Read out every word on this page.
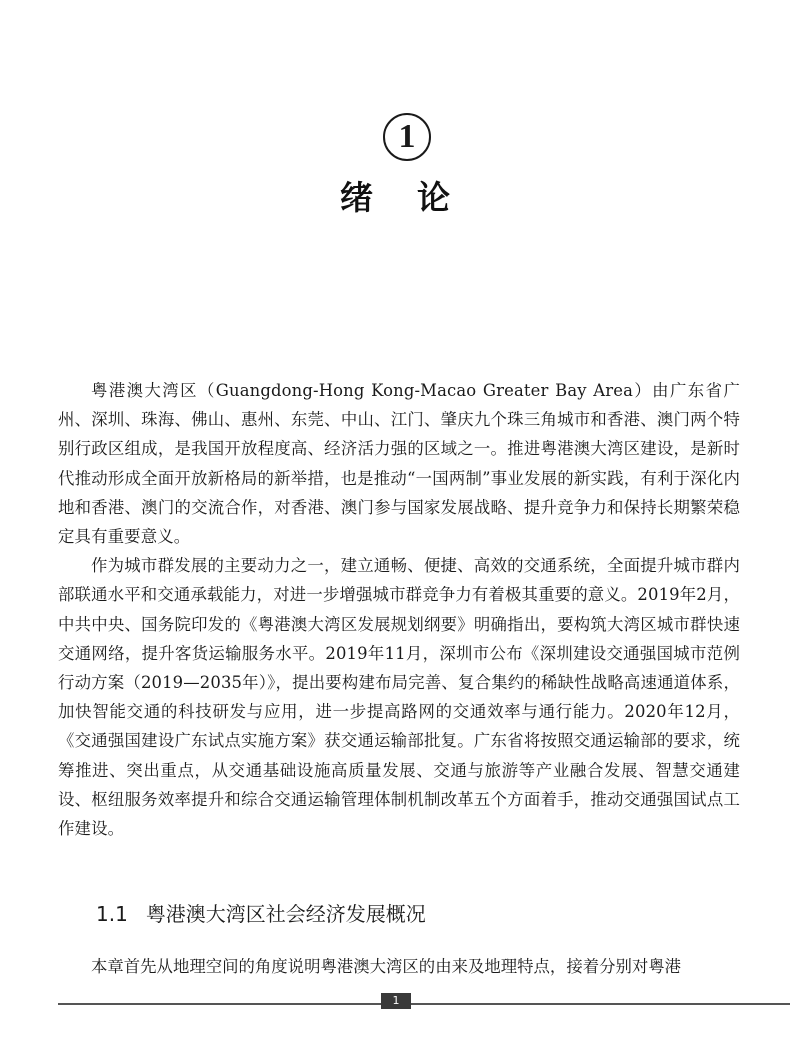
1
绪论

粤港澳大湾区（Guangdong-Hong Kong-Macao Greater Bay Area）由广东省广州、深圳、珠海、佛山、惠州、东莞、中山、江门、肇庆九个珠三角城市和香港、澳门两个特别行政区组成，是我国开放程度高、经济活力强的区域之一。推进粤港澳大湾区建设，是新时代推动形成全面开放新格局的新举措，也是推动“一国两制”事业发展的新实践，有利于深化内地和香港、澳门的交流合作，对香港、澳门参与国家发展战略、提升竞争力和保持长期繁荣稳定具有重要意义。

作为城市群发展的主要动力之一，建立通畅、便捷、高效的交通系统，全面提升城市群内部联通水平和交通承载能力，对进一步增强城市群竞争力有着极其重要的意义。2019年2月，中共中央、国务院印发的《粤港澳大湾区发展规划纲要》明确指出，要构筑大湾区城市群快速交通网络，提升客货运输服务水平。2019年11月，深圳市公布《深圳建设交通强国城市范例行动方案（2019—2035年）》，提出要构建布局完善、复合集约的稀缺性战略高速通道体系，加快智能交通的科技研发与应用，进一步提高路网的交通效率与通行能力。2020年12月，《交通强国建设广东试点实施方案》获交通运输部批复。广东省将按照交通运输部的要求，统筹推进、突出重点，从交通基础设施高质量发展、交通与旅游等产业融合发展、智慧交通建设、枢纽服务效率提升和综合交通运输管理体制机制改革五个方面着手，推动交通强国试点工作建设。

1.1 粤港澳大湾区社会经济发展概况

本章首先从地理空间的角度说明粤港澳大湾区的由来及地理特点，接着分别对粤港

1
